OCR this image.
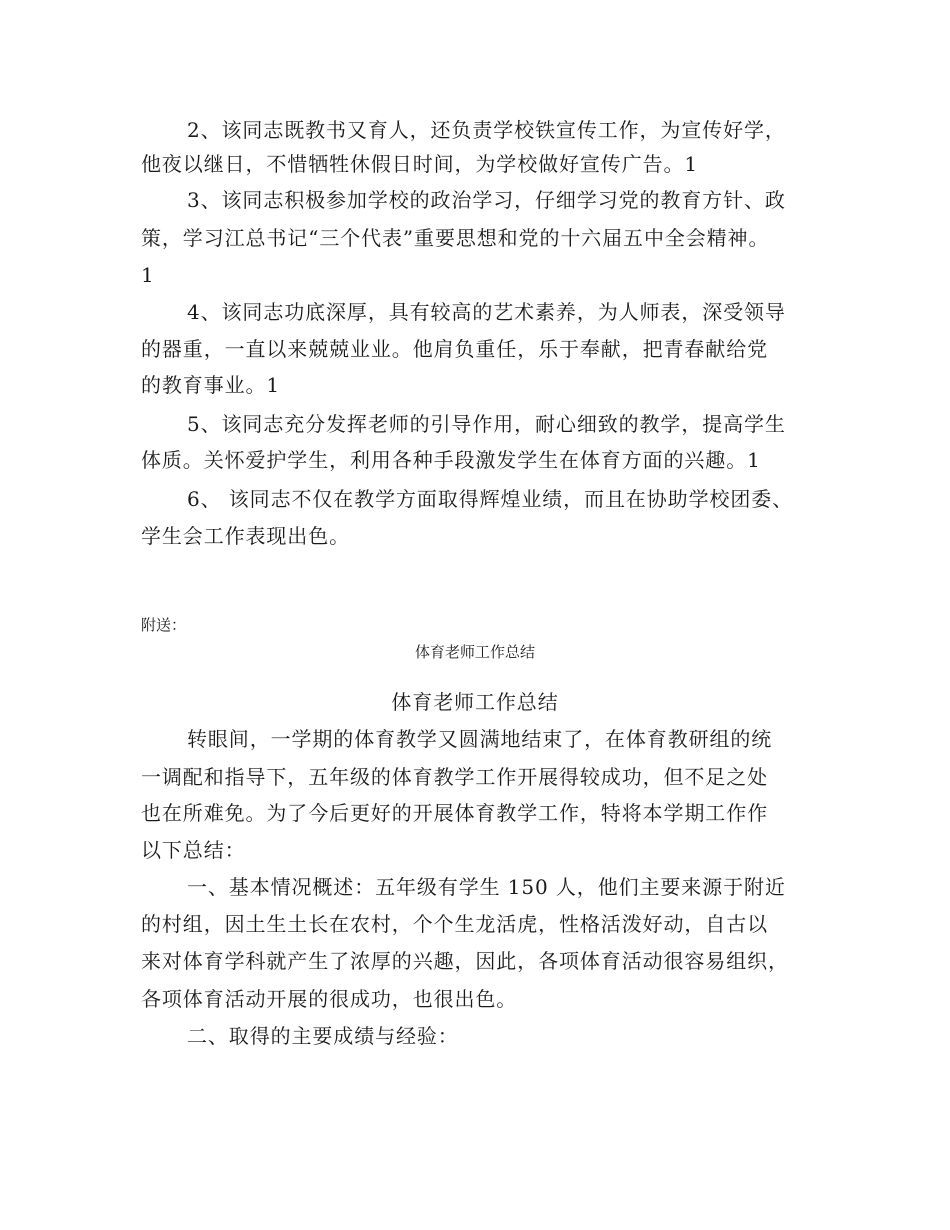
2、该同志既教书又育人，还负责学校铁宣传工作，为宣传好学，
他夜以继日，不惜牺牲休假日时间，为学校做好宣传广告。1
3、该同志积极参加学校的政治学习，仔细学习党的教育方针、政
策，学习江总书记“三个代表”重要思想和党的十六届五中全会精神。
1
4、该同志功底深厚，具有较高的艺术素养，为人师表，深受领导
的器重，一直以来兢兢业业。他肩负重任，乐于奉献，把青春献给党
的教育事业。1
5、该同志充分发挥老师的引导作用，耐心细致的教学，提高学生
体质。关怀爱护学生，利用各种手段激发学生在体育方面的兴趣。1
6、 该同志不仅在教学方面取得辉煌业绩，而且在协助学校团委、
学生会工作表现出色。
附送：
体育老师工作总结
体育老师工作总结
转眼间，一学期的体育教学又圆满地结束了，在体育教研组的统
一调配和指导下，五年级的体育教学工作开展得较成功，但不足之处
也在所难免。为了今后更好的开展体育教学工作，特将本学期工作作
以下总结：
一、基本情况概述：五年级有学生 150 人，他们主要来源于附近
的村组，因土生土长在农村，个个生龙活虎，性格活泼好动，自古以
来对体育学科就产生了浓厚的兴趣，因此，各项体育活动很容易组织，
各项体育活动开展的很成功，也很出色。
二、取得的主要成绩与经验：
